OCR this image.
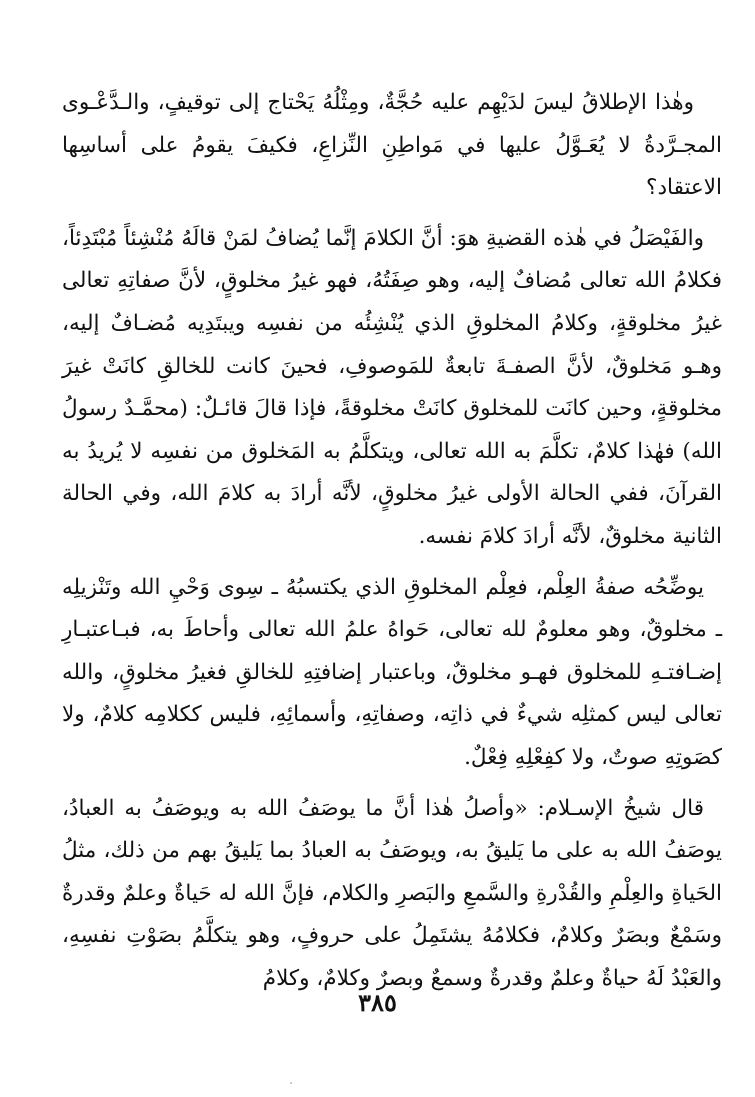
وهٰذا الإطلاقُ ليسَ لدَيْهِم عليه حُجَّةٌ، ومِثْلُهُ يَحْتاج إلى توقيفٍ، والـدَّعْـوى المجـرَّدةُ لا يُعَـوَّلُ عليها في مَواطِنِ النِّزاعِ، فكيفَ يقومُ على أساسِها الاعتقاد؟

والفَيْصَلُ في هٰذه القضيةِ هوَ: أنَّ الكلامَ إنَّما يُضافُ لمَنْ قالَهُ مُنْشِئاً مُبْتَدِئاً، فكلامُ الله تعالى مُضافٌ إليه، وهو صِفَتُهُ، فهو غيرُ مخلوقٍ، لأنَّ صفاتِهِ تعالى غيرُ مخلوقةٍ، وكلامُ المخلوقِ الذي يُنْشِئُه من نفسِه ويبتَدِيه مُضـافٌ إليه، وهـو مَخلوقٌ، لأنَّ الصفـةَ تابعةٌ للمَوصوفِ، فحينَ كانت للخالقِ كانَتْ غيرَ مخلوقةٍ، وحين كانَت للمخلوق كانَتْ مخلوقةً، فإذا قالَ قائـلٌ: (محمَّـدٌ رسولُ الله) فهٰذا كلامٌ، تكلَّمَ به الله تعالى، ويتكلَّمُ به المَخلوق من نفسِه لا يُريدُ به القرآنَ، ففي الحالة الأولى غيرُ مخلوقٍ، لأنَّه أرادَ به كلامَ الله، وفي الحالة الثانية مخلوقٌ، لأنَّه أرادَ كلامَ نفسه.

يوضِّحُه صفةُ العِلْم، فعِلْم المخلوقِ الذي يكتسبُهُ ـ سِوى وَحْيِ الله وتَنْزيلِه ـ مخلوقٌ، وهو معلومٌ لله تعالى، حَواهُ علمُ الله تعالى وأحاطَ به، فبـاعتبـارِ إضـافتـهِ للمخلوق فهـو مخلوقٌ، وباعتبار إضافتِهِ للخالقِ فغيرُ مخلوقٍ، والله تعالى ليس كمثلِه شيءٌ في ذاتِه، وصفاتِهِ، وأسمائِهِ، فليس ككلامِه كلامٌ، ولا كصَوتِهِ صوتٌ، ولا كفِعْلِهِ فِعْلٌ.

قال شيخُ الإسـلام: «وأصلُ هٰذا أنَّ ما يوصَفُ الله به ويوصَفُ به العبادُ، يوصَفُ الله به على ما يَليقُ به، ويوصَفُ به العبادُ بما يَليقُ بهم من ذلك، مثلُ الحَياةِ والعِلْمِ والقُدْرةِ والسَّمعِ والبَصرِ والكلام، فإنَّ الله له حَياةٌ وعلمٌ وقدرةٌ وسَمْعٌ وبصَرٌ وكلامٌ، فكلامُهُ يشتَمِلُ على حروفٍ، وهو يتكلَّمُ بصَوْتِ نفسِهِ، والعَبْدُ لَهُ حياةٌ وعلمٌ وقدرةٌ وسمعٌ وبصرٌ وكلامٌ، وكلامُ

٣٨٥
